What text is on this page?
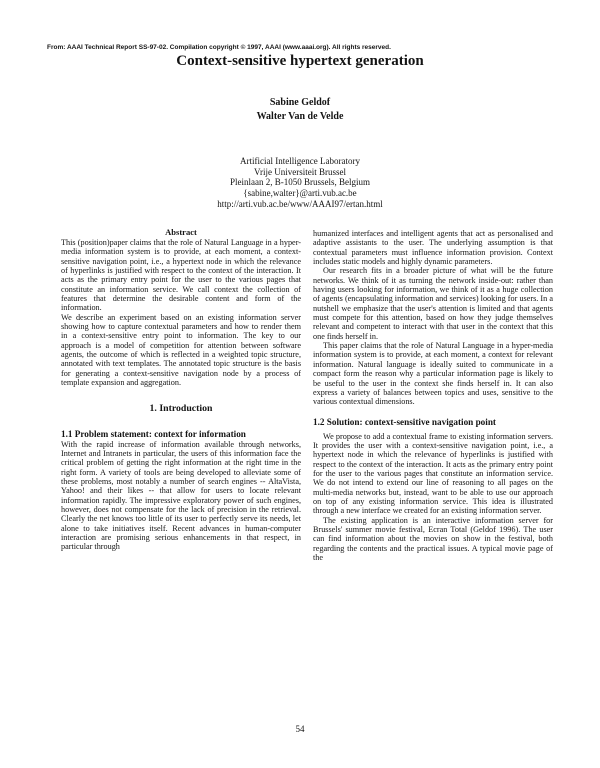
From: AAAI Technical Report SS-97-02. Compilation copyright © 1997, AAAI (www.aaai.org). All rights reserved.
Context-sensitive hypertext generation
Sabine Geldof
Walter Van de Velde
Artificial Intelligence Laboratory
Vrije Universiteit Brussel
Pleinlaan 2, B-1050 Brussels, Belgium
{sabine,walter}@arti.vub.ac.be
http://arti.vub.ac.be/www/AAAI97/ertan.html
Abstract

This (position)paper claims that the role of Natural Language in a hyper-media information system is to provide, at each moment, a context-sensitive navigation point, i.e., a hypertext node in which the relevance of hyperlinks is justified with respect to the context of the interaction. It acts as the primary entry point for the user to the various pages that constitute an information service. We call context the collection of features that determine the desirable content and form of the information.

We describe an experiment based on an existing information server showing how to capture contextual parameters and how to render them in a context-sensitive entry point to information. The key to our approach is a model of competition for attention between software agents, the outcome of which is reflected in a weighted topic structure, annotated with text templates. The annotated topic structure is the basis for generating a context-sensitive navigation node by a process of template expansion and aggregation.

1. Introduction
1.1 Problem statement: context for information

With the rapid increase of information available through networks, Internet and Intranets in particular, the users of this information face the critical problem of getting the right information at the right time in the right form. A variety of tools are being developed to alleviate some of these problems, most notably a number of search engines -- AltaVista, Yahoo! and their likes -- that allow for users to locate relevant information rapidly. The impressive exploratory power of such engines, however, does not compensate for the lack of precision in the retrieval. Clearly the net knows too little of its user to perfectly serve its needs, let alone to take initiatives itself. Recent advances in human-computer interaction are promising serious enhancements in that respect, in particular through

humanized interfaces and intelligent agents that act as personalised and adaptive assistants to the user. The underlying assumption is that contextual parameters must influence information provision. Context includes static models and highly dynamic parameters.

Our research fits in a broader picture of what will be the future networks. We think of it as turning the network inside-out: rather than having users looking for information, we think of it as a huge collection of agents (encapsulating information and services) looking for users. In a nutshell we emphasize that the user's attention is limited and that agents must compete for this attention, based on how they judge themselves relevant and competent to interact with that user in the context that this one finds herself in.

This paper claims that the role of Natural Language in a hyper-media information system is to provide, at each moment, a context for relevant information. Natural language is ideally suited to communicate in a compact form the reason why a particular information page is likely to be useful to the user in the context she finds herself in. It can also express a variety of balances between topics and uses, sensitive to the various contextual dimensions.

1.2 Solution: context-sensitive navigation point

We propose to add a contextual frame to existing information servers. It provides the user with a context-sensitive navigation point, i.e., a hypertext node in which the relevance of hyperlinks is justified with respect to the context of the interaction. It acts as the primary entry point for the user to the various pages that constitute an information service. We do not intend to extend our line of reasoning to all pages on the multi-media networks but, instead, want to be able to use our approach on top of any existing information service. This idea is illustrated through a new interface we created for an existing information server.

The existing application is an interactive information server for Brussels' summer movie festival, Ecran Total (Geldof 1996). The user can find information about the movies on show in the festival, both regarding the contents and the practical issues. A typical movie page of the

54
